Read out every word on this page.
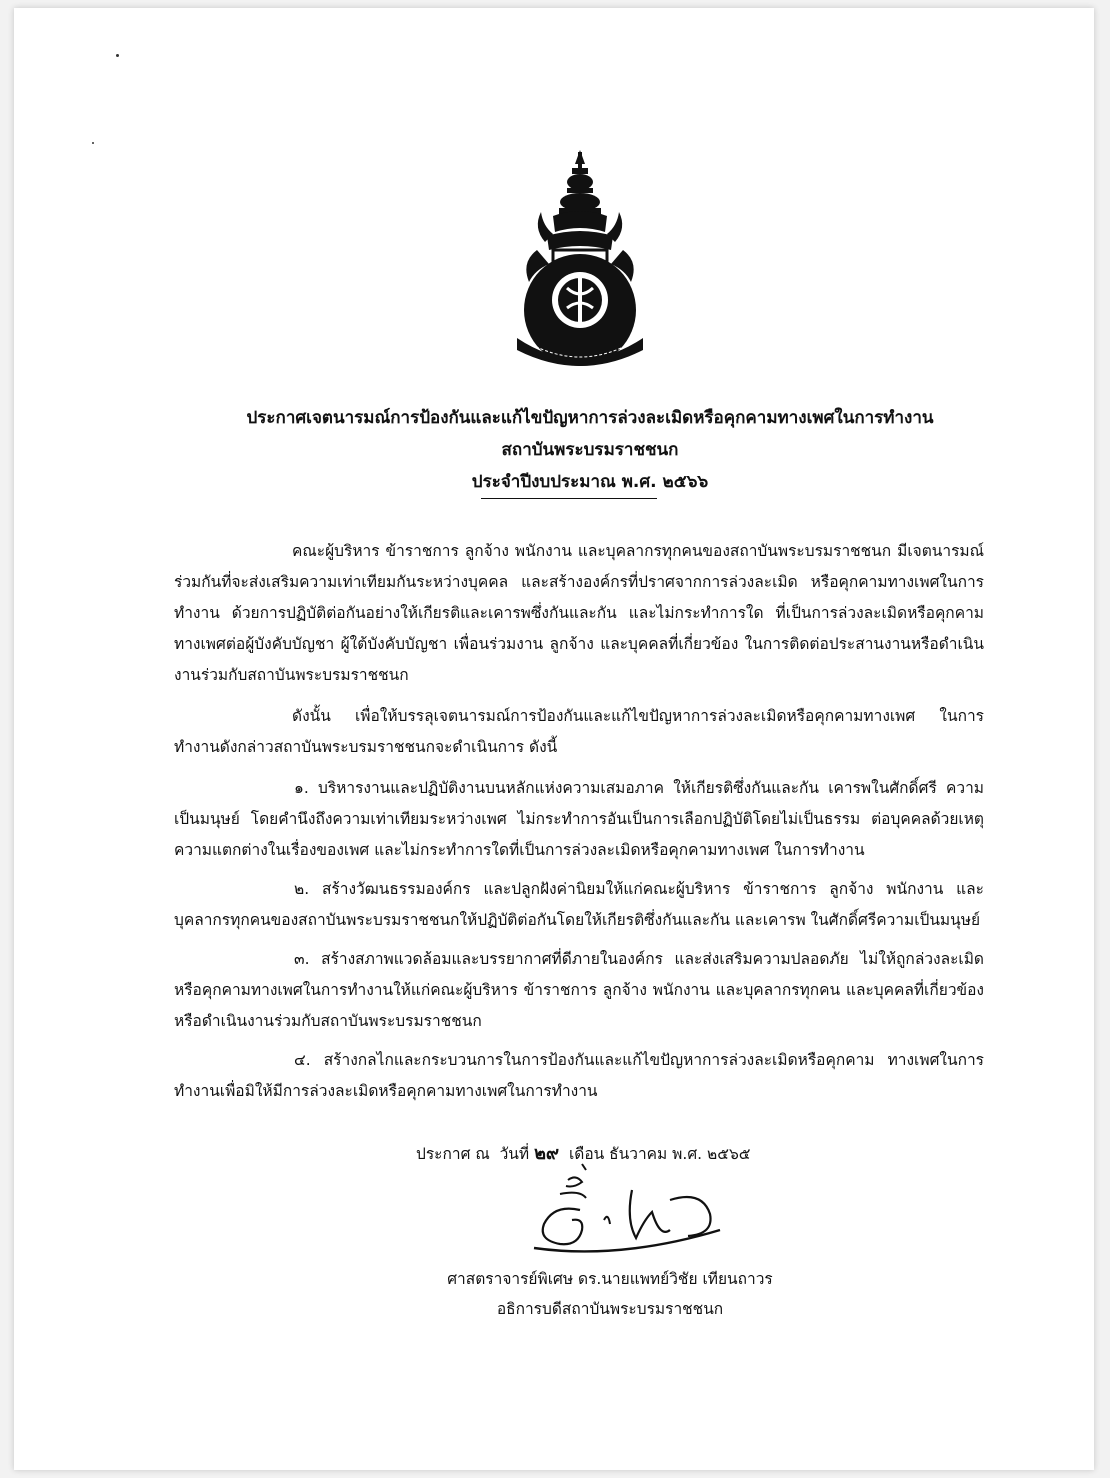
ประกาศเจตนารมณ์การป้องกันและแก้ไขปัญหาการล่วงละเมิดหรือคุกคามทางเพศในการทำงาน
สถาบันพระบรมราชชนก
ประจำปีงบประมาณ พ.ศ. ๒๕๖๖

คณะผู้บริหาร ข้าราชการ ลูกจ้าง พนักงาน และบุคลากรทุกคนของสถาบันพระบรมราชชนก มีเจตนารมณ์ร่วมกันที่จะส่งเสริมความเท่าเทียมกันระหว่างบุคคล และสร้างองค์กรที่ปราศจากการล่วงละเมิด หรือคุกคามทางเพศในการทำงาน ด้วยการปฏิบัติต่อกันอย่างให้เกียรติและเคารพซึ่งกันและกัน และไม่กระทำการใด ที่เป็นการล่วงละเมิดหรือคุกคามทางเพศต่อผู้บังคับบัญชา ผู้ใต้บังคับบัญชา เพื่อนร่วมงาน ลูกจ้าง และบุคคลที่เกี่ยวข้อง ในการติดต่อประสานงานหรือดำเนินงานร่วมกับสถาบันพระบรมราชชนก

ดังนั้น เพื่อให้บรรลุเจตนารมณ์การป้องกันและแก้ไขปัญหาการล่วงละเมิดหรือคุกคามทางเพศ ในการทำงานดังกล่าวสถาบันพระบรมราชชนกจะดำเนินการ ดังนี้

๑. บริหารงานและปฏิบัติงานบนหลักแห่งความเสมอภาค ให้เกียรติซึ่งกันและกัน เคารพในศักดิ์ศรี ความเป็นมนุษย์ โดยคำนึงถึงความเท่าเทียมระหว่างเพศ ไม่กระทำการอันเป็นการเลือกปฏิบัติโดยไม่เป็นธรรม ต่อบุคคลด้วยเหตุความแตกต่างในเรื่องของเพศ และไม่กระทำการใดที่เป็นการล่วงละเมิดหรือคุกคามทางเพศ ในการทำงาน

๒. สร้างวัฒนธรรมองค์กร และปลูกฝังค่านิยมให้แก่คณะผู้บริหาร ข้าราชการ ลูกจ้าง พนักงาน และบุคลากรทุกคนของสถาบันพระบรมราชชนกให้ปฏิบัติต่อกันโดยให้เกียรติซึ่งกันและกัน และเคารพ ในศักดิ์ศรีความเป็นมนุษย์

๓. สร้างสภาพแวดล้อมและบรรยากาศที่ดีภายในองค์กร และส่งเสริมความปลอดภัย ไม่ให้ถูกล่วงละเมิดหรือคุกคามทางเพศในการทำงานให้แก่คณะผู้บริหาร ข้าราชการ ลูกจ้าง พนักงาน และบุคลากรทุกคน และบุคคลที่เกี่ยวข้องหรือดำเนินงานร่วมกับสถาบันพระบรมราชชนก

๔. สร้างกลไกและกระบวนการในการป้องกันและแก้ไขปัญหาการล่วงละเมิดหรือคุกคาม ทางเพศในการทำงานเพื่อมิให้มีการล่วงละเมิดหรือคุกคามทางเพศในการทำงาน

ประกาศ ณ วันที่ ๒๙ เดือน ธันวาคม พ.ศ. ๒๕๖๕
ศาสตราจารย์พิเศษ ดร.นายแพทย์วิชัย เทียนถาวร
อธิการบดีสถาบันพระบรมราชชนก
